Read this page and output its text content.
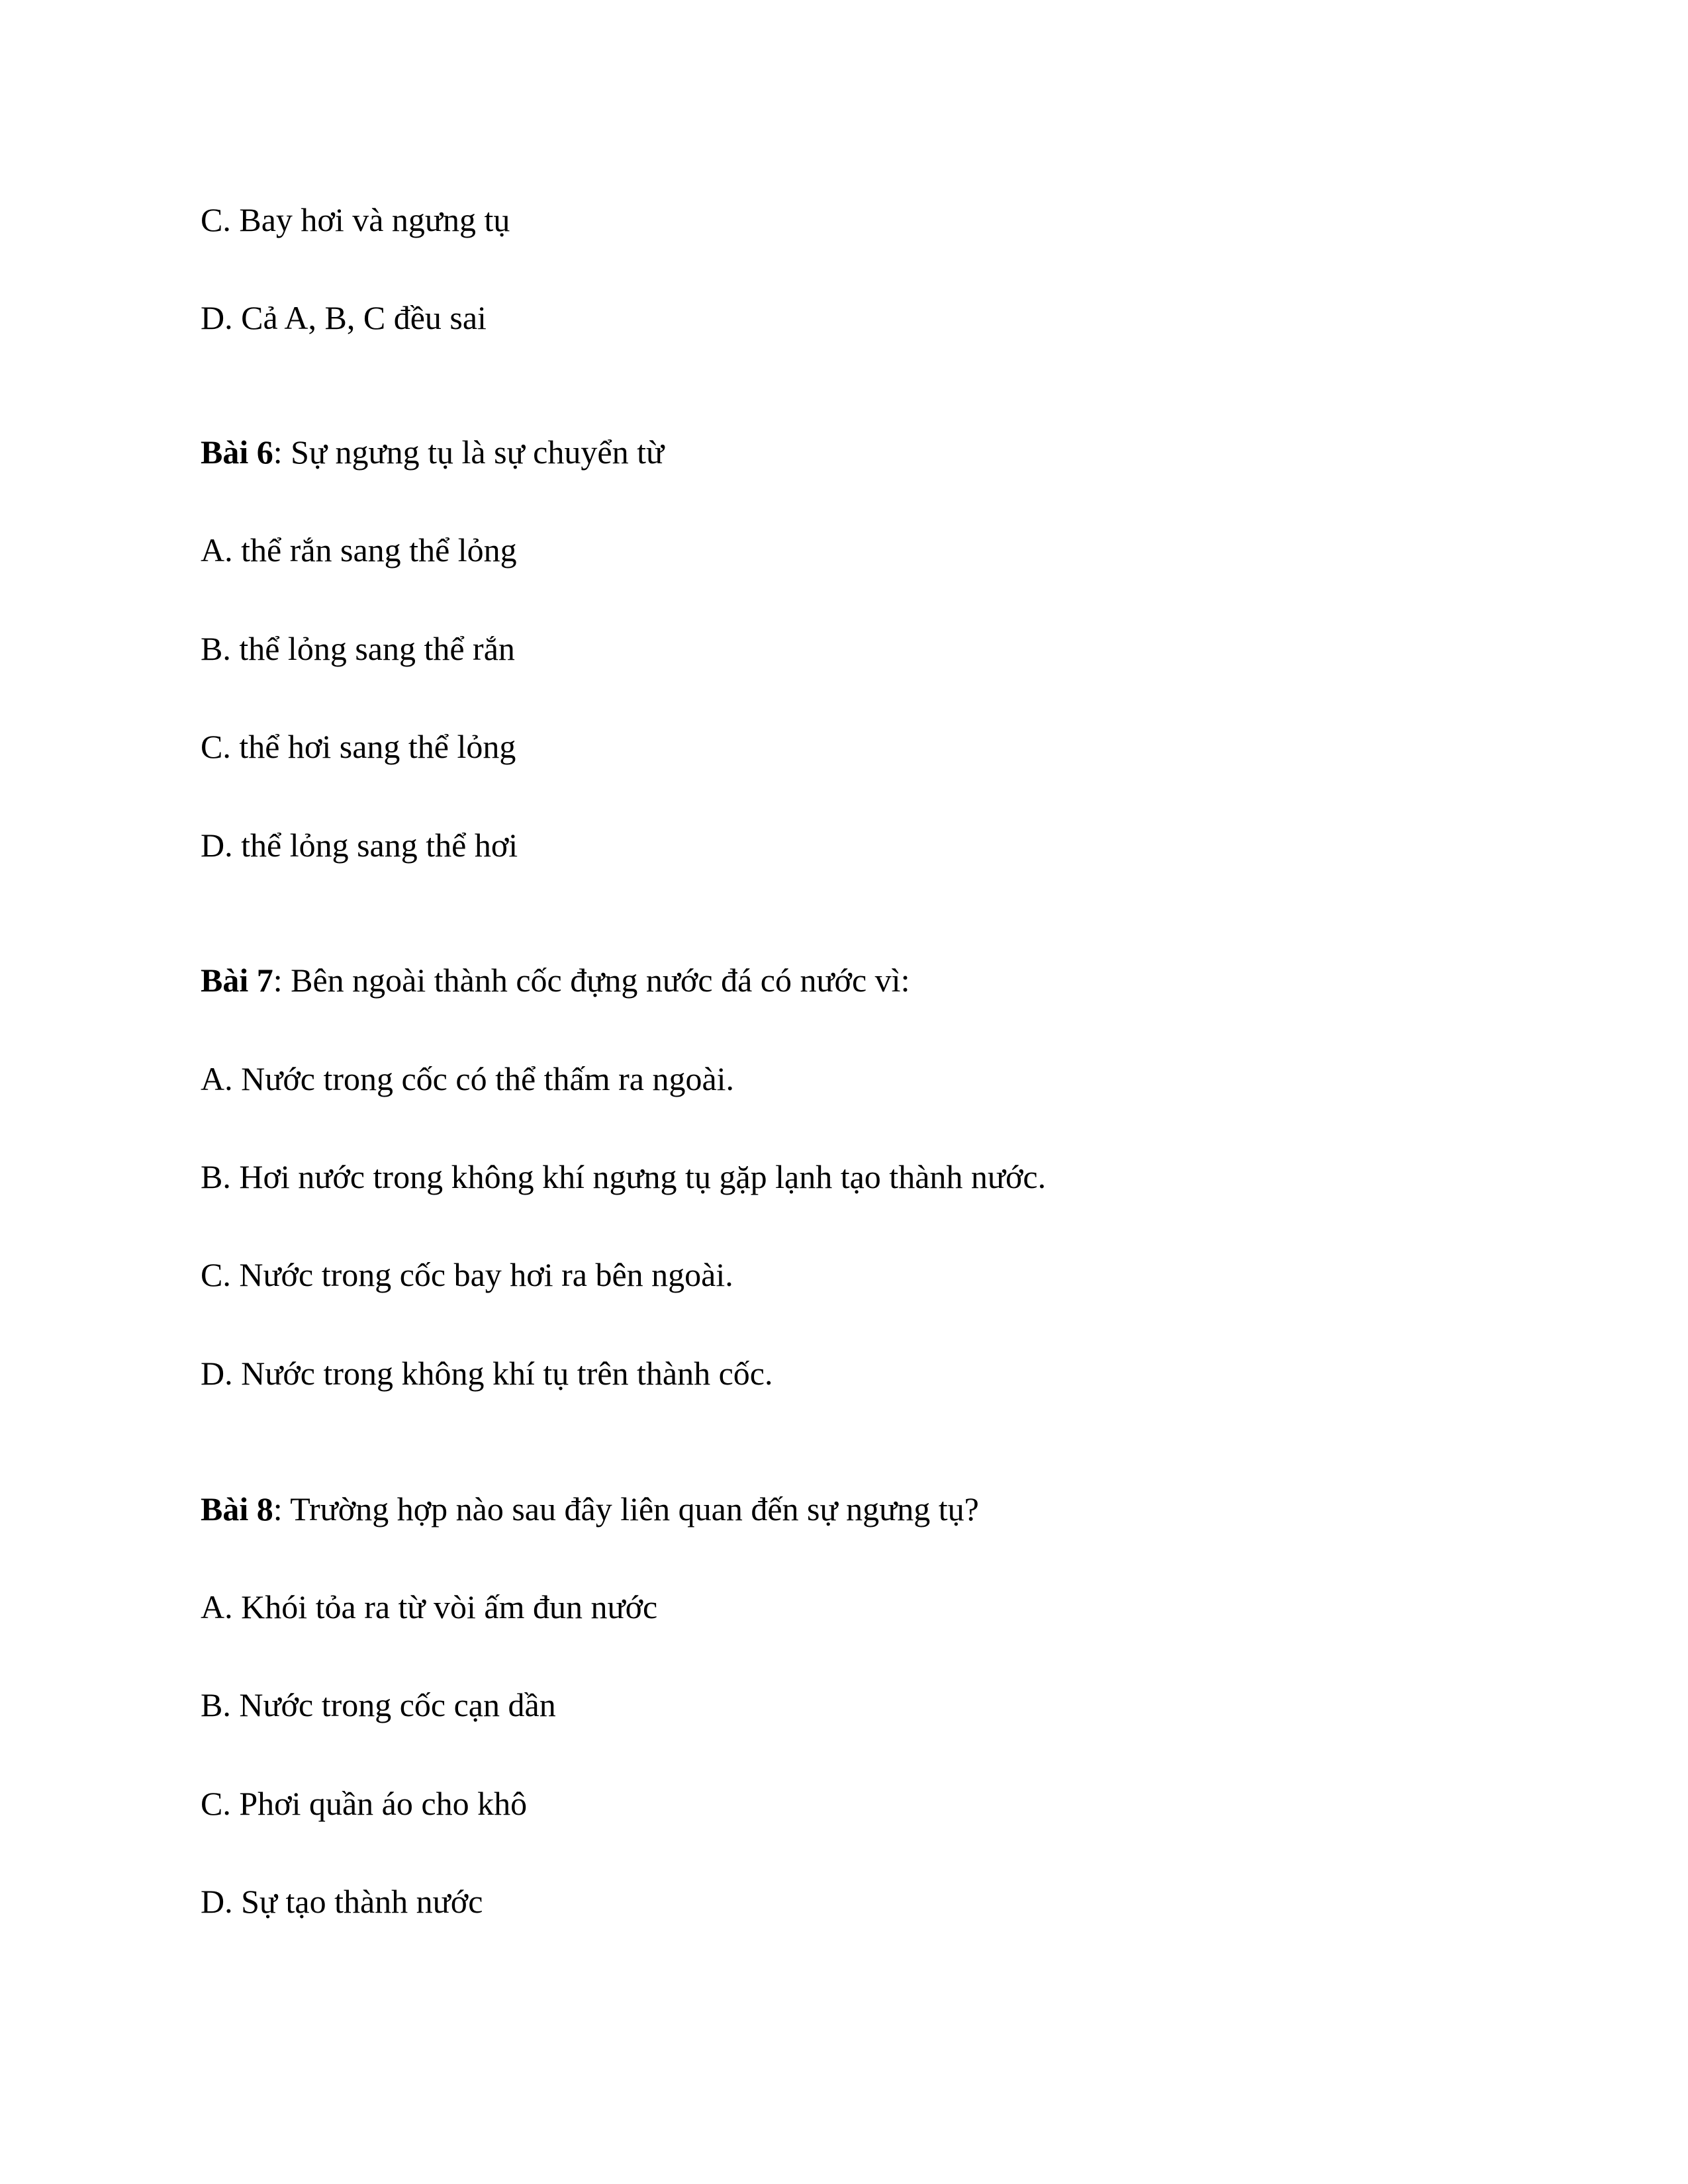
C. Bay hơi và ngưng tụ
D. Cả A, B, C đều sai
Bài 6: Sự ngưng tụ là sự chuyển từ
A. thể rắn sang thể lỏng
B. thể lỏng sang thể rắn
C. thể hơi sang thể lỏng
D. thể lỏng sang thể hơi
Bài 7: Bên ngoài thành cốc đựng nước đá có nước vì:
A. Nước trong cốc có thể thấm ra ngoài.
B. Hơi nước trong không khí ngưng tụ gặp lạnh tạo thành nước.
C. Nước trong cốc bay hơi ra bên ngoài.
D. Nước trong không khí tụ trên thành cốc.
Bài 8: Trường hợp nào sau đây liên quan đến sự ngưng tụ?
A. Khói tỏa ra từ vòi ấm đun nước
B. Nước trong cốc cạn dần
C. Phơi quần áo cho khô
D. Sự tạo thành nước
